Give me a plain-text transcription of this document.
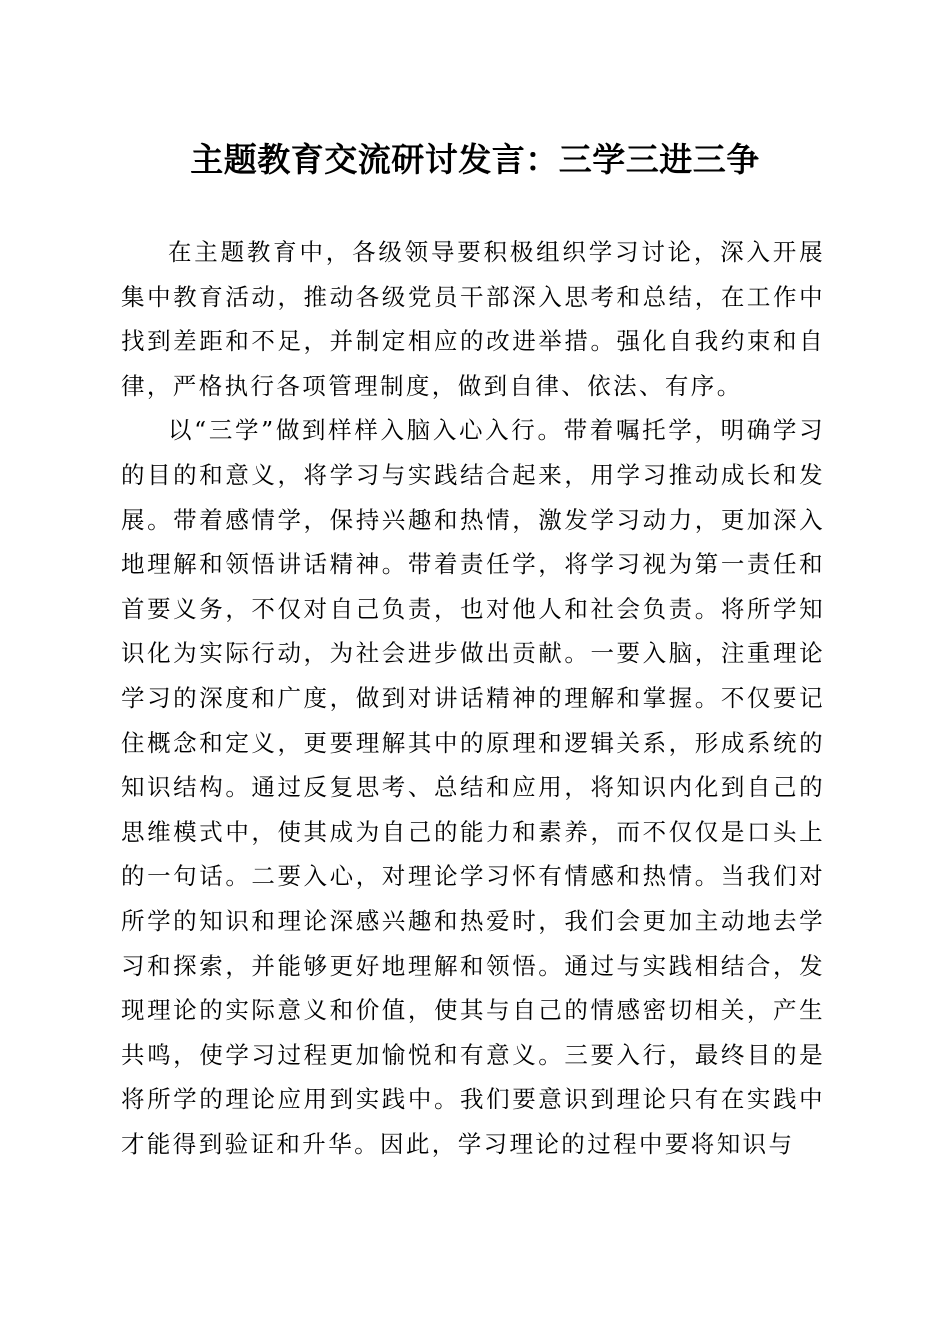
主题教育交流研讨发言：三学三进三争

在主题教育中，各级领导要积极组织学习讨论，深入开展集中教育活动，推动各级党员干部深入思考和总结，在工作中找到差距和不足，并制定相应的改进举措。强化自我约束和自律，严格执行各项管理制度，做到自律、依法、有序。

以“三学”做到样样入脑入心入行。带着嘱托学，明确学习的目的和意义，将学习与实践结合起来，用学习推动成长和发展。带着感情学，保持兴趣和热情，激发学习动力，更加深入地理解和领悟讲话精神。带着责任学，将学习视为第一责任和首要义务，不仅对自己负责，也对他人和社会负责。将所学知识化为实际行动，为社会进步做出贡献。一要入脑，注重理论学习的深度和广度，做到对讲话精神的理解和掌握。不仅要记住概念和定义，更要理解其中的原理和逻辑关系，形成系统的知识结构。通过反复思考、总结和应用，将知识内化到自己的思维模式中，使其成为自己的能力和素养，而不仅仅是口头上的一句话。二要入心，对理论学习怀有情感和热情。当我们对所学的知识和理论深感兴趣和热爱时，我们会更加主动地去学习和探索，并能够更好地理解和领悟。通过与实践相结合，发现理论的实际意义和价值，使其与自己的情感密切相关，产生共鸣，使学习过程更加愉悦和有意义。三要入行，最终目的是将所学的理论应用到实践中。我们要意识到理论只有在实践中才能得到验证和升华。因此，学习理论的过程中要将知识与
